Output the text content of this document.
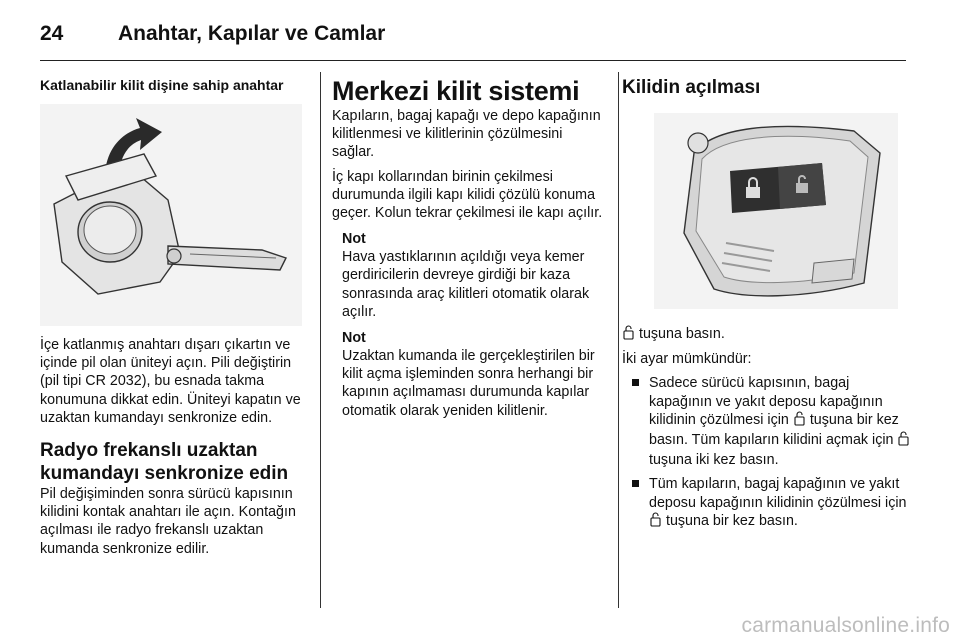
24	Anahtar, Kapılar ve Camlar
Katlanabilir kilit dişine sahip anahtar
İçe katlanmış anahtarı dışarı çıkartın ve içinde pil olan üniteyi açın. Pili değiştirin (pil tipi CR 2032), bu esnada takma konumuna dikkat edin. Üniteyi kapatın ve uzaktan kumandayı senkronize edin.
Radyo frekanslı uzaktan kumandayı senkronize edin
Pil değişiminden sonra sürücü kapısının kilidini kontak anahtarı ile açın. Kontağın açılması ile radyo frekanslı uzaktan kumanda senkronize edilir.
Merkezi kilit sistemi
Kapıların, bagaj kapağı ve depo kapağının kilitlenmesi ve kilitlerinin çözülmesini sağlar.
İç kapı kollarından birinin çekilmesi durumunda ilgili kapı kilidi çözülü konuma geçer. Kolun tekrar çekilmesi ile kapı açılır.
Not
Hava yastıklarının açıldığı veya kemer gerdiricilerin devreye girdiği bir kaza sonrasında araç kilitleri otomatik olarak açılır.
Not
Uzaktan kumanda ile gerçekleştirilen bir kilit açma işleminden sonra herhangi bir kapının açılmaması durumunda kapılar otomatik olarak yeniden kilitlenir.
Kilidin açılması
tuşuna basın.
İki ayar mümkündür:
Sadece sürücü kapısının, bagaj kapağının ve yakıt deposu kapağının kilidinin çözülmesi için tuşuna bir kez basın. Tüm kapıların kilidini açmak için  tuşuna iki kez basın.
Tüm kapıların, bagaj kapağının ve yakıt deposu kapağının kilidinin çözülmesi için  tuşuna bir kez basın.
carmanualsonline.info
